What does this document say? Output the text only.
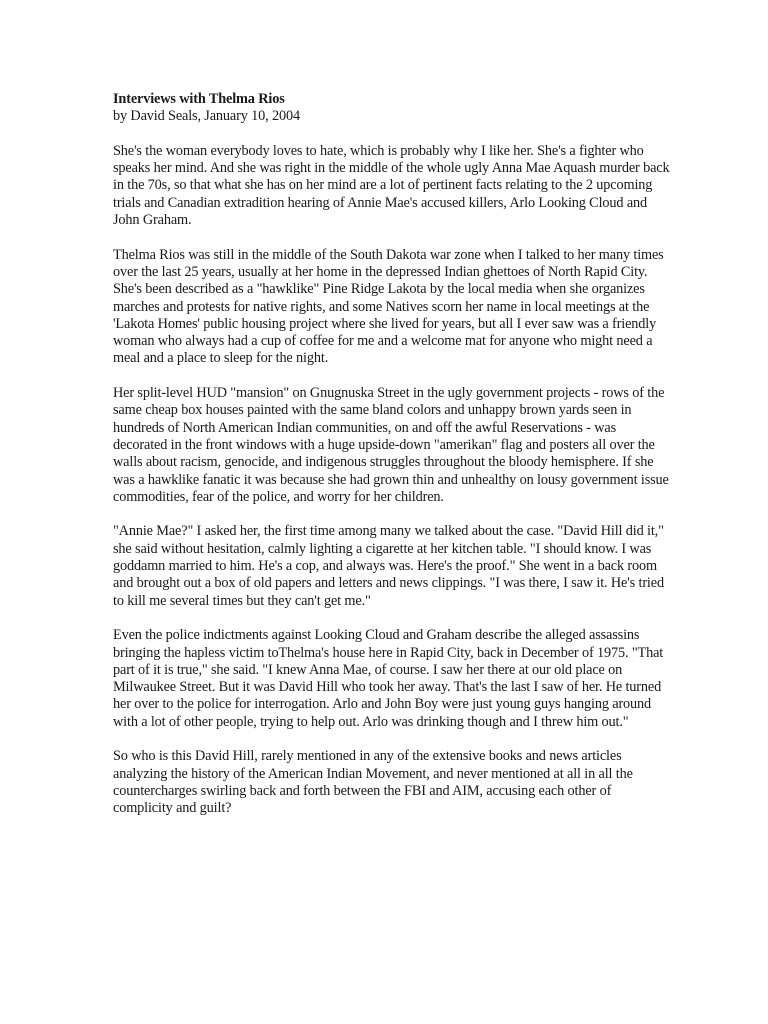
Interviews with Thelma Rios

by David Seals, January 10, 2004

She's the woman everybody loves to hate, which is probably why I like her. She's a fighter who speaks her mind. And she was right in the middle of the whole ugly Anna Mae Aquash murder back in the 70s, so that what she has on her mind are a lot of pertinent facts relating to the 2 upcoming trials and Canadian extradition hearing of Annie Mae's accused killers, Arlo Looking Cloud and John Graham.

Thelma Rios was still in the middle of the South Dakota war zone when I talked to her many times over the last 25 years, usually at her home in the depressed Indian ghettoes of North Rapid City. She's been described as a "hawklike" Pine Ridge Lakota by the local media when she organizes marches and protests for native rights, and some Natives scorn her name in local meetings at the 'Lakota Homes' public housing project where she lived for years, but all I ever saw was a friendly woman who always had a cup of coffee for me and a welcome mat for anyone who might need a meal and a place to sleep for the night.

Her split-level HUD "mansion" on Gnugnuska Street in the ugly government projects - rows of the same cheap box houses painted with the same bland colors and unhappy brown yards seen in hundreds of North American Indian communities, on and off the awful Reservations - was decorated in the front windows with a huge upside-down "amerikan" flag and posters all over the walls about racism, genocide, and indigenous struggles throughout the bloody hemisphere. If she was a hawklike fanatic it was because she had grown thin and unhealthy on lousy government issue commodities, fear of the police, and worry for her children.

"Annie Mae?" I asked her, the first time among many we talked about the case. "David Hill did it," she said without hesitation, calmly lighting a cigarette at her kitchen table. "I should know. I was goddamn married to him. He's a cop, and always was. Here's the proof." She went in a back room and brought out a box of old papers and letters and news clippings. "I was there, I saw it. He's tried to kill me several times but they can't get me."

Even the police indictments against Looking Cloud and Graham describe the alleged assassins bringing the hapless victim toThelma's house here in Rapid City, back in December of 1975. "That part of it is true," she said. "I knew Anna Mae, of course. I saw her there at our old place on Milwaukee Street. But it was David Hill who took her away. That's the last I saw of her. He turned her over to the police for interrogation. Arlo and John Boy were just young guys hanging around with a lot of other people, trying to help out. Arlo was drinking though and I threw him out."

So who is this David Hill, rarely mentioned in any of the extensive books and news articles analyzing the history of the American Indian Movement, and never mentioned at all in all the countercharges swirling back and forth between the FBI and AIM, accusing each other of complicity and guilt?
